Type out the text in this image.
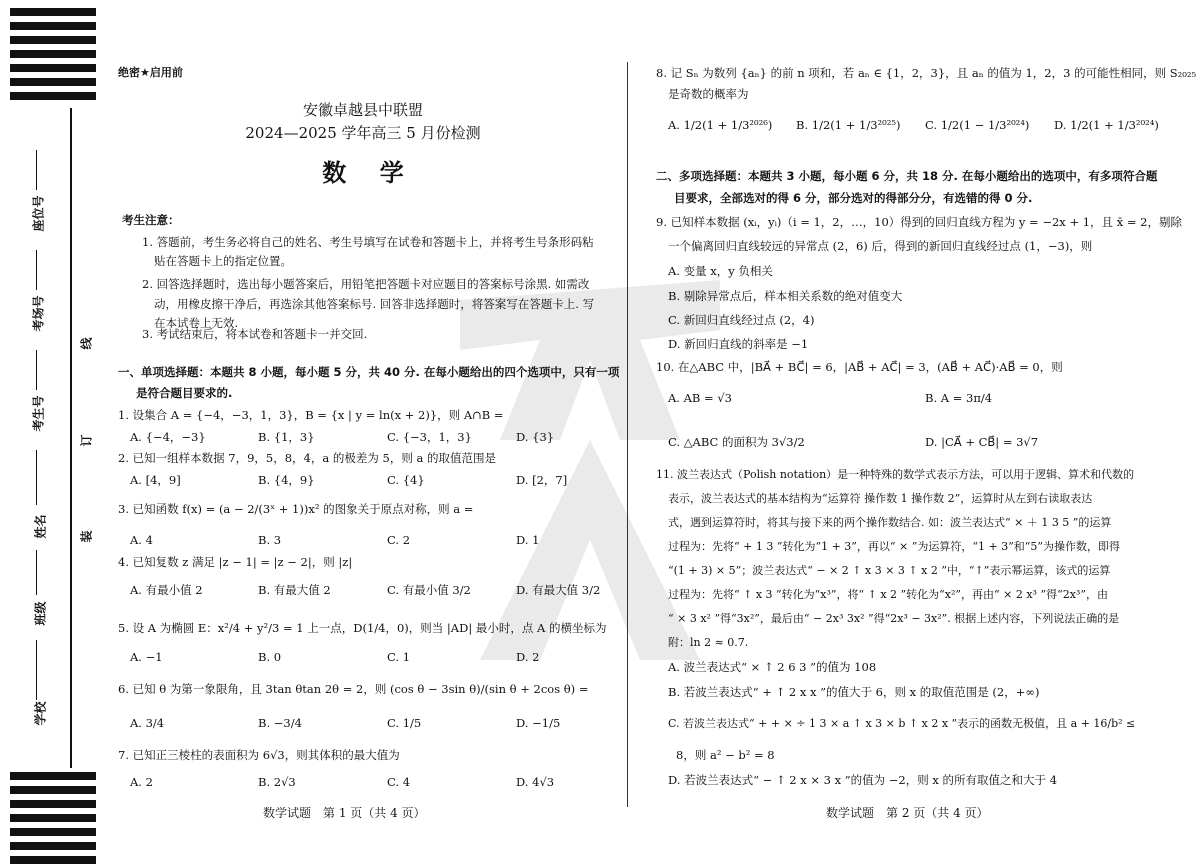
座位号
考场号
考生号
姓名
班级
学校
线
订
装
绝密★启用前
安徽卓越县中联盟
2024—2025 学年高三 5 月份检测
数    学
考生注意：
1. 答题前，考生务必将自己的姓名、考生号填写在试卷和答题卡上，并将考生号条形码粘
贴在答题卡上的指定位置。
2. 回答选择题时，选出每小题答案后，用铅笔把答题卡对应题目的答案标号涂黑. 如需改
动，用橡皮擦干净后，再选涂其他答案标号. 回答非选择题时，将答案写在答题卡上. 写
在本试卷上无效.
3. 考试结束后，将本试卷和答题卡一并交回.
一、单项选择题：本题共 8 小题，每小题 5 分，共 40 分. 在每小题给出的四个选项中，只有一项
是符合题目要求的.
1. 设集合 A = {−4，−3，1，3}，B = {x | y = ln(x + 2)}，则 A∩B =
A. {−4，−3}	B. {1，3}	C. {−3，1，3}	D. {3}
2. 已知一组样本数据 7，9，5，8，4，a 的极差为 5，则 a 的取值范围是
A. [4，9]	B. {4，9}	C. {4}	D. [2，7]
3. 已知函数 f(x) = (a − 2/(3ˣ + 1))x² 的图象关于原点对称，则 a =
A. 4	B. 3	C. 2	D. 1
4. 已知复数 z 满足 |z − 1| = |z − 2|，则 |z|
A. 有最小值 2	B. 有最大值 2	C. 有最小值 3/2	D. 有最大值 3/2
5. 设 A 为椭圆 E：x²/4 + y²/3 = 1 上一点，D(1/4，0)，则当 |AD| 最小时，点 A 的横坐标为
A. −1	B. 0	C. 1	D. 2
6. 已知 θ 为第一象限角，且 3tan θtan 2θ = 2，则 (cos θ − 3sin θ)/(sin θ + 2cos θ) =
A. 3/4	B. −3/4	C. 1/5	D. −1/5
7. 已知正三棱柱的表面积为 6√3，则其体积的最大值为
A. 2	B. 2√3	C. 4	D. 4√3
数学试题　第 1 页（共 4 页）
8. 记 Sₙ 为数列 {aₙ} 的前 n 项和，若 aₙ ∈ {1，2，3}，且 aₙ 的值为 1，2，3 的可能性相同，则 S₂₀₂₅
是奇数的概率为
A. 1/2(1 + 1/3²⁰²⁶) B. 1/2(1 + 1/3²⁰²⁵) C. 1/2(1 − 1/3²⁰²⁴) D. 1/2(1 + 1/3²⁰²⁴)
二、多项选择题：本题共 3 小题，每小题 6 分，共 18 分. 在每小题给出的选项中，有多项符合题
目要求，全部选对的得 6 分，部分选对的得部分分，有选错的得 0 分.
9. 已知样本数据 (xᵢ，yᵢ)（i = 1，2，…，10）得到的回归直线方程为 y = −2x + 1，且 x̄ = 2，剔除
一个偏离回归直线较远的异常点 (2，6) 后，得到的新回归直线经过点 (1，−3)，则
A. 变量 x，y 负相关
B. 剔除异常点后，样本相关系数的绝对值变大
C. 新回归直线经过点 (2，4)
D. 新回归直线的斜率是 −1
10. 在△ABC 中，|BA⃗ + BC⃗| = 6，|AB⃗ + AC⃗| = 3，(AB⃗ + AC⃗)·AB⃗ = 0，则
A. AB = √3	B. A = 3π/4
C. △ABC 的面积为 3√3/2	D. |CA⃗ + CB⃗| = 3√7
11. 波兰表达式（Polish notation）是一种特殊的数学式表示方法，可以用于逻辑、算术和代数的
表示，波兰表达式的基本结构为“运算符 操作数 1 操作数 2”，运算时从左到右读取表达
式，遇到运算符时，将其与接下来的两个操作数结合. 如：波兰表达式“ × ＋ 1 3 5 ”的运算
过程为：先将“ + 1 3 ”转化为“1 + 3”，再以“ × ”为运算符，“1 + 3”和“5”为操作数，即得
“(1 + 3) × 5”；波兰表达式“ − × 2 ↑ x 3 × 3 ↑ x 2 ”中，“↑”表示幂运算，该式的运算
过程为：先将“ ↑ x 3 ”转化为“x³”，将“ ↑ x 2 ”转化为“x²”，再由“ × 2 x³ ”得“2x³”，由
“ × 3 x² ”得“3x²”，最后由“ − 2x³ 3x² ”得“2x³ − 3x²”. 根据上述内容，下列说法正确的是
附：ln 2 ≈ 0.7.
A. 波兰表达式“ × ↑ 2 6 3 ”的值为 108
B. 若波兰表达式“ + ↑ 2 x x ”的值大于 6，则 x 的取值范围是 (2，+∞)
C. 若波兰表达式“ + + × ÷ 1 3 × a ↑ x 3 × b ↑ x 2 x ”表示的函数无极值，且 a + 16/b² ≤
8，则 a² − b² = 8
D. 若波兰表达式“ − ↑ 2 x × 3 x ”的值为 −2，则 x 的所有取值之和大于 4
数学试题　第 2 页（共 4 页）
